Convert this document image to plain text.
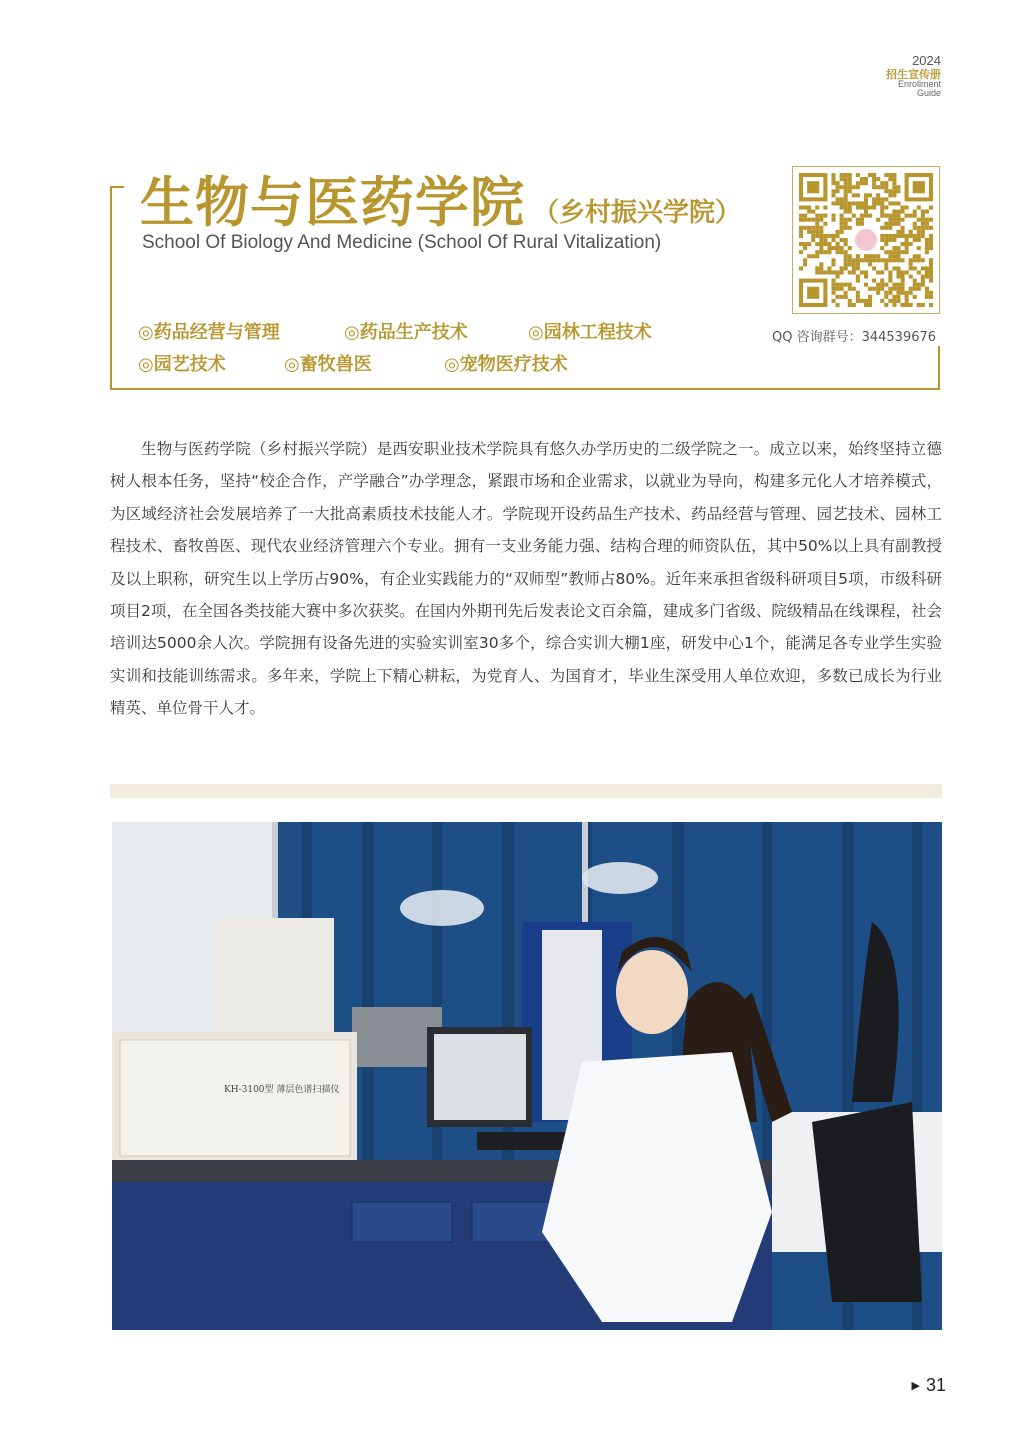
2024
招生宣传册
Enrollment
Guide
生物与医药学院 （乡村振兴学院）
School Of Biology And Medicine (School Of Rural Vitalization)
QQ 咨询群号：344539676
◎药品经营与管理	◎药品生产技术	◎园林工程技术
◎园艺技术	◎畜牧兽医	◎宠物医疗技术

生物与医药学院（乡村振兴学院）是西安职业技术学院具有悠久办学历史的二级学院之一。成立以来，始终坚持立德树人根本任务，坚持“校企合作，产学融合”办学理念，紧跟市场和企业需求，以就业为导向，构建多元化人才培养模式，为区域经济社会发展培养了一大批高素质技术技能人才。学院现开设药品生产技术、药品经营与管理、园艺技术、园林工程技术、畜牧兽医、现代农业经济管理六个专业。拥有一支业务能力强、结构合理的师资队伍，其中50%以上具有副教授及以上职称，研究生以上学历占90%，有企业实践能力的“双师型”教师占80%。近年来承担省级科研项目5项，市级科研项目2项，在全国各类技能大赛中多次获奖。在国内外期刊先后发表论文百余篇，建成多门省级、院级精品在线课程，社会培训达5000余人次。学院拥有设备先进的实验实训室30多个，综合实训大棚1座，研发中心1个，能满足各专业学生实验实训和技能训练需求。多年来，学院上下精心耕耘，为党育人、为国育才，毕业生深受用人单位欢迎，多数已成长为行业精英、单位骨干人才。

KH-3100型 薄层色谱扫描仪
▶ 31
